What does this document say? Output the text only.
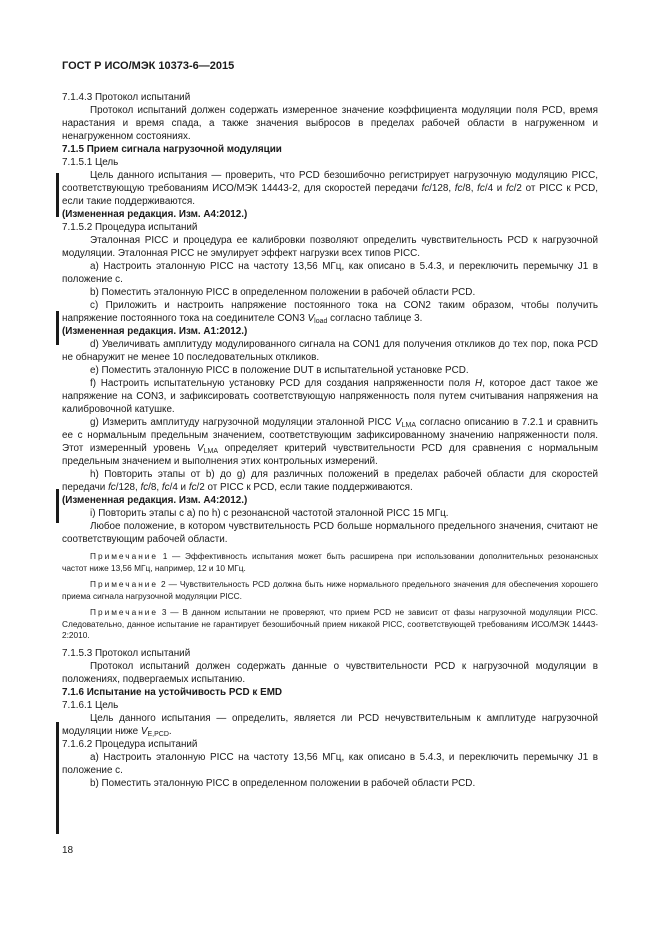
ГОСТ Р ИСО/МЭК 10373-6—2015

7.1.4.3 Протокол испытаний

Протокол испытаний должен содержать измеренное значение коэффициента модуляции поля PCD, время нарастания и время спада, а также значения выбросов в пределах рабочей области в нагруженном и ненагруженном состояниях.

7.1.5 Прием сигнала нагрузочной модуляции

7.1.5.1 Цель

Цель данного испытания — проверить, что PCD безошибочно регистрирует нагрузочную модуляцию PICC, соответствующую требованиям ИСО/МЭК 14443-2, для скоростей передачи fc/128, fc/8, fc/4 и fc/2 от PICC к PCD, если такие поддерживаются.

(Измененная редакция. Изм. А4:2012.)

7.1.5.2 Процедура испытаний

Эталонная PICC и процедура ее калибровки позволяют определить чувствительность PCD к нагрузочной модуляции. Эталонная PICC не эмулирует эффект нагрузки всех типов PICC.

a) Настроить эталонную PICC на частоту 13,56 МГц, как описано в 5.4.3, и переключить перемычку J1 в положение c.

b) Поместить эталонную PICC в определенном положении в рабочей области PCD.

c) Приложить и настроить напряжение постоянного тока на CON2 таким образом, чтобы получить напряжение постоянного тока на соединителе CON3 $V_{load}$ согласно таблице 3.

(Измененная редакция. Изм. А1:2012.)

d) Увеличивать амплитуду модулированного сигнала на CON1 для получения откликов до тех пор, пока PCD не обнаружит не менее 10 последовательных откликов.

e) Поместить эталонную PICC в положение DUT в испытательной установке PCD.

f) Настроить испытательную установку PCD для создания напряженности поля H, которое даст такое же напряжение на CON3, и зафиксировать соответствующую напряженность поля путем считывания напряжения на калибровочной катушке.

g) Измерить амплитуду нагрузочной модуляции эталонной PICC $V_{LMA}$ согласно описанию в 7.2.1 и сравнить ее с нормальным предельным значением, соответствующим зафиксированному значению напряженности поля. Этот измеренный уровень $V_{LMA}$ определяет критерий чувствительности PCD для сравнения с нормальным предельным значением и выполнения этих контрольных измерений.

h) Повторить этапы от b) до g) для различных положений в пределах рабочей области для скоростей передачи fc/128, fc/8, fc/4 и fc/2 от PICC к PCD, если такие поддерживаются.

(Измененная редакция. Изм. А4:2012.)

i) Повторить этапы с a) по h) с резонансной частотой эталонной PICC 15 МГц.

Любое положение, в котором чувствительность PCD больше нормального предельного значения, считают не соответствующим рабочей области.

Примечание 1 — Эффективность испытания может быть расширена при использовании дополнительных резонансных частот ниже 13,56 МГц, например, 12 и 10 МГц.

Примечание 2 — Чувствительность PCD должна быть ниже нормального предельного значения для обеспечения хорошего приема сигнала нагрузочной модуляции PICC.

Примечание 3 — В данном испытании не проверяют, что прием PCD не зависит от фазы нагрузочной модуляции PICC. Следовательно, данное испытание не гарантирует безошибочный прием никакой PICC, соответствующей требованиям ИСО/МЭК 14443-2:2010.

7.1.5.3 Протокол испытаний

Протокол испытаний должен содержать данные о чувствительности PCD к нагрузочной модуляции в положениях, подвергаемых испытанию.

7.1.6 Испытание на устойчивость PCD к EMD

7.1.6.1 Цель

Цель данного испытания — определить, является ли PCD нечувствительным к амплитуде нагрузочной модуляции ниже $V_{E,PCD}$.

7.1.6.2 Процедура испытаний

a) Настроить эталонную PICC на частоту 13,56 МГц, как описано в 5.4.3, и переключить перемычку J1 в положение c.

b) Поместить эталонную PICC в определенном положении в рабочей области PCD.

18
